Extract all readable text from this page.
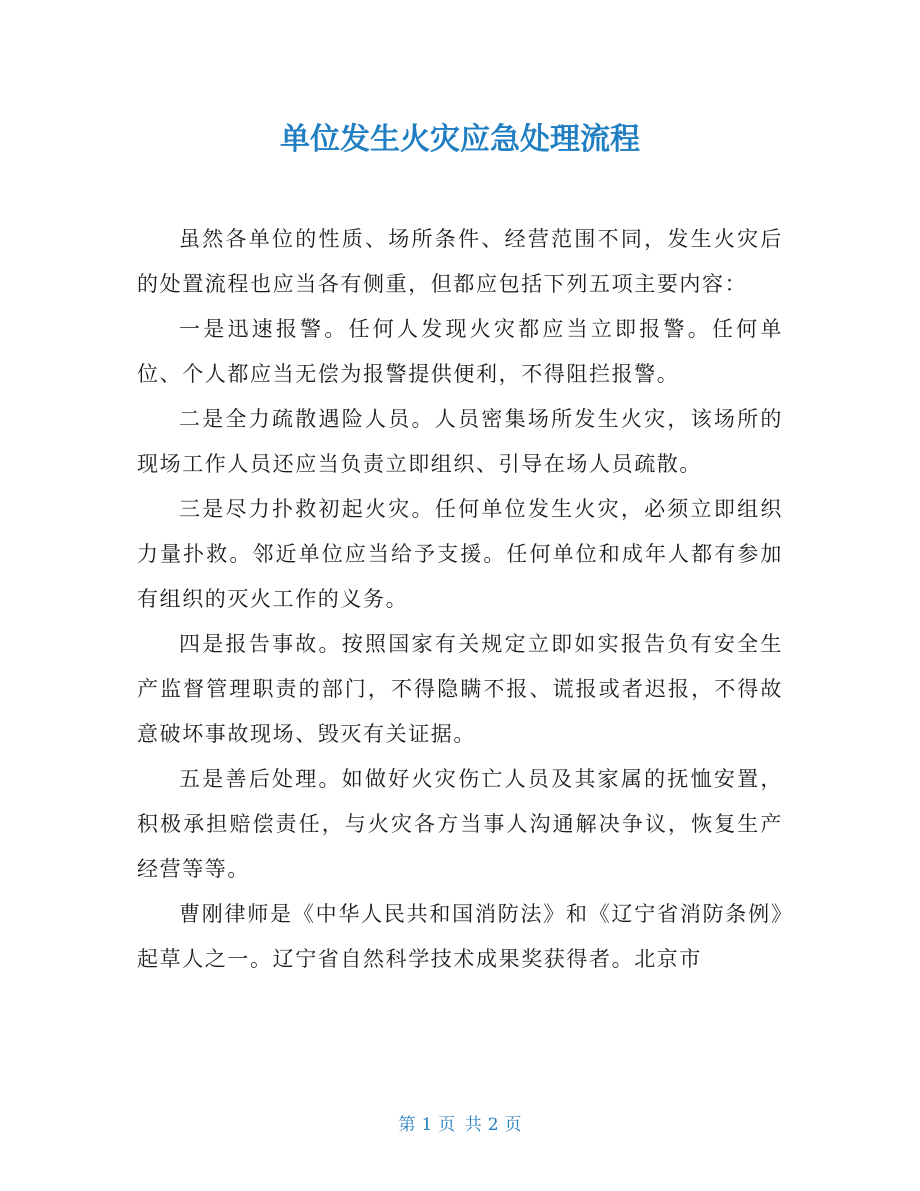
单位发生火灾应急处理流程

虽然各单位的性质、场所条件、经营范围不同，发生火灾后的处置流程也应当各有侧重，但都应包括下列五项主要内容：

一是迅速报警。任何人发现火灾都应当立即报警。任何单位、个人都应当无偿为报警提供便利，不得阻拦报警。

二是全力疏散遇险人员。人员密集场所发生火灾，该场所的现场工作人员还应当负责立即组织、引导在场人员疏散。

三是尽力扑救初起火灾。任何单位发生火灾，必须立即组织力量扑救。邻近单位应当给予支援。任何单位和成年人都有参加有组织的灭火工作的义务。

四是报告事故。按照国家有关规定立即如实报告负有安全生产监督管理职责的部门，不得隐瞒不报、谎报或者迟报，不得故意破坏事故现场、毁灭有关证据。

五是善后处理。如做好火灾伤亡人员及其家属的抚恤安置，积极承担赔偿责任，与火灾各方当事人沟通解决争议，恢复生产经营等等。

曹刚律师是《中华人民共和国消防法》和《辽宁省消防条例》起草人之一。辽宁省自然科学技术成果奖获得者。北京市

第 1 页 共 2 页
